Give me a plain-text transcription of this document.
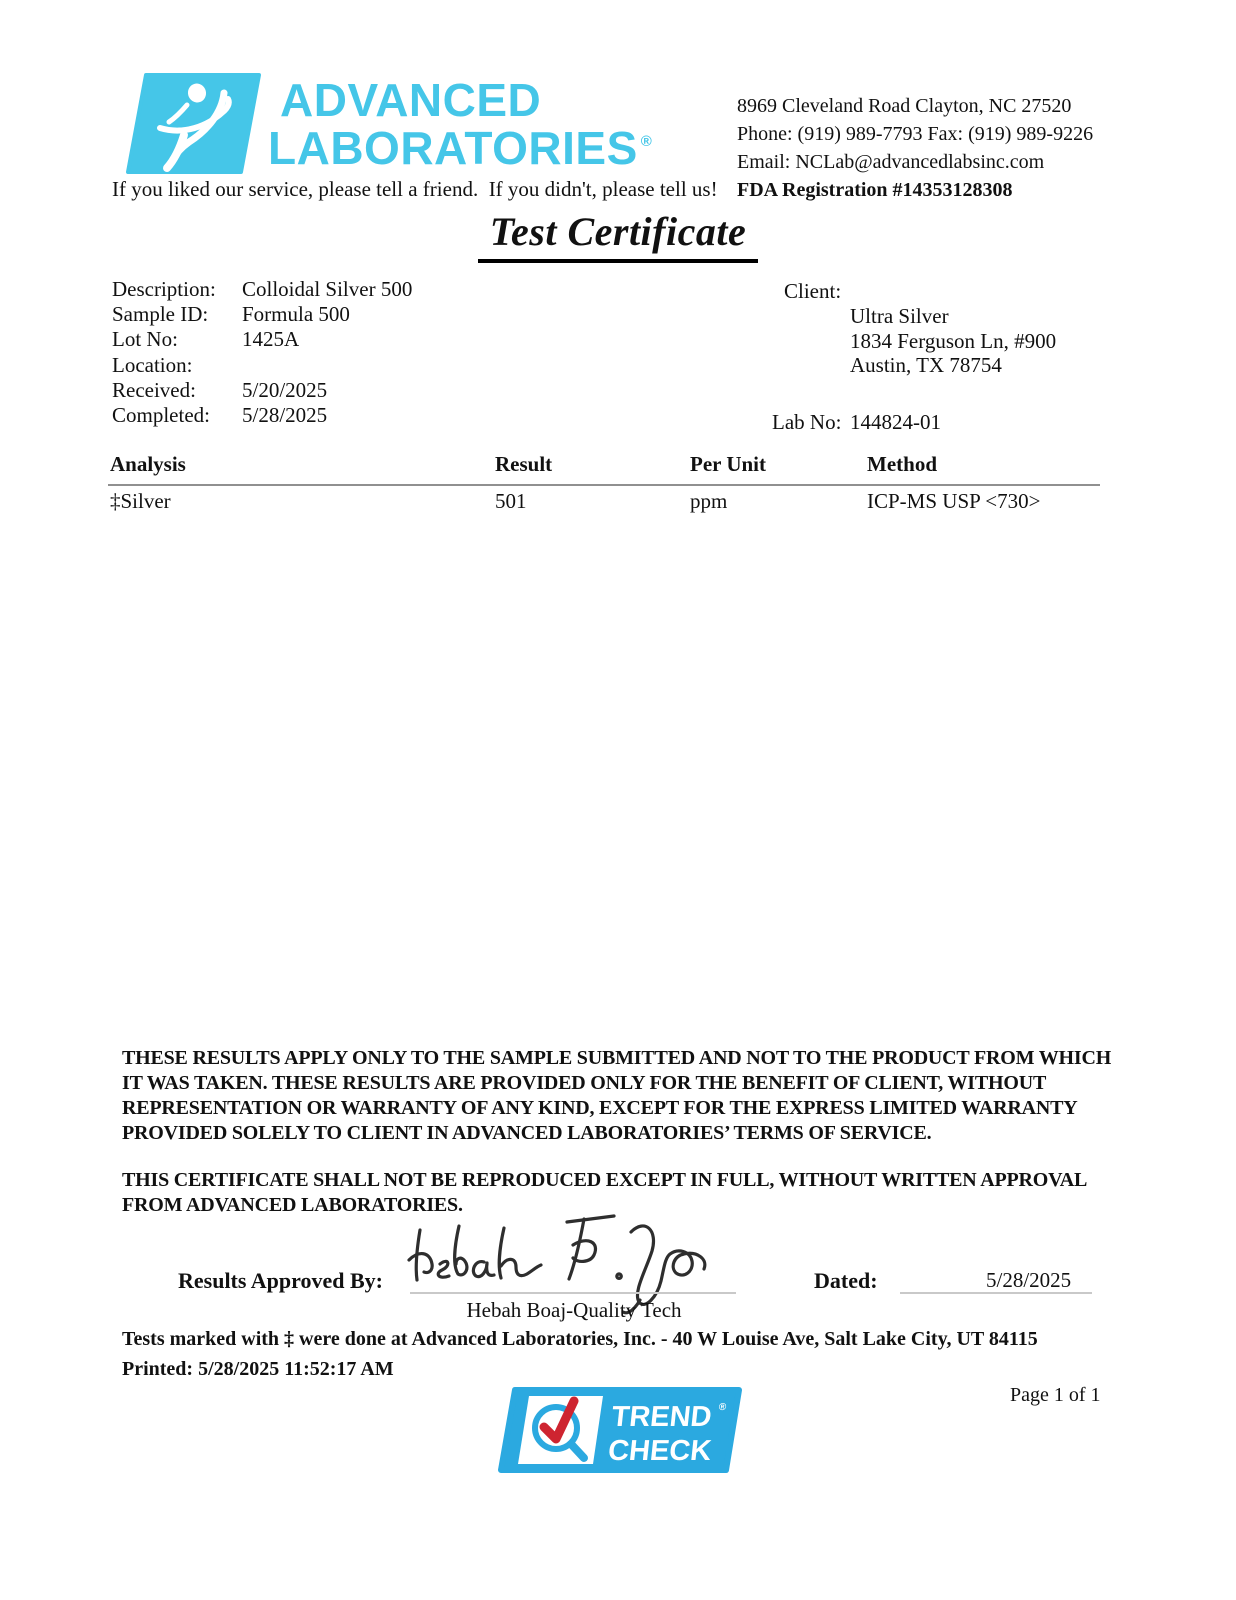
ADVANCED
LABORATORIES ®
If you liked our service, please tell a friend.  If you didn't, please tell us!
8969 Cleveland Road Clayton, NC 27520
Phone: (919) 989-7793 Fax: (919) 989-9226
Email: NCLab@advancedlabsinc.com
FDA Registration #14353128308
Test Certificate
Description: Colloidal Silver 500
Sample ID: Formula 500
Lot No:	1425A
Location:
Received: 5/20/2025
Completed: 5/28/2025
Client:
Ultra Silver
1834 Ferguson Ln, #900
Austin, TX 78754
Lab No: 144824-01
Analysis	Result	Per Unit	Method
‡Silver	501	ppm	ICP-MS USP <730>
THESE RESULTS APPLY ONLY TO THE SAMPLE SUBMITTED AND NOT TO THE PRODUCT FROM WHICH IT WAS TAKEN. THESE RESULTS ARE PROVIDED ONLY FOR THE BENEFIT OF CLIENT, WITHOUT REPRESENTATION OR WARRANTY OF ANY KIND, EXCEPT FOR THE EXPRESS LIMITED WARRANTY PROVIDED SOLELY TO CLIENT IN ADVANCED LABORATORIES’ TERMS OF SERVICE.
THIS CERTIFICATE SHALL NOT BE REPRODUCED EXCEPT IN FULL, WITHOUT WRITTEN APPROVAL FROM ADVANCED LABORATORIES.
Results Approved By:
Hebah Boaj-Quality Tech
Dated:	5/28/2025
Tests marked with ‡ were done at Advanced Laboratories, Inc. - 40 W Louise Ave, Salt Lake City, UT 84115
Printed: 5/28/2025 11:52:17 AM
TREND
CHECK
®
Page 1 of 1
